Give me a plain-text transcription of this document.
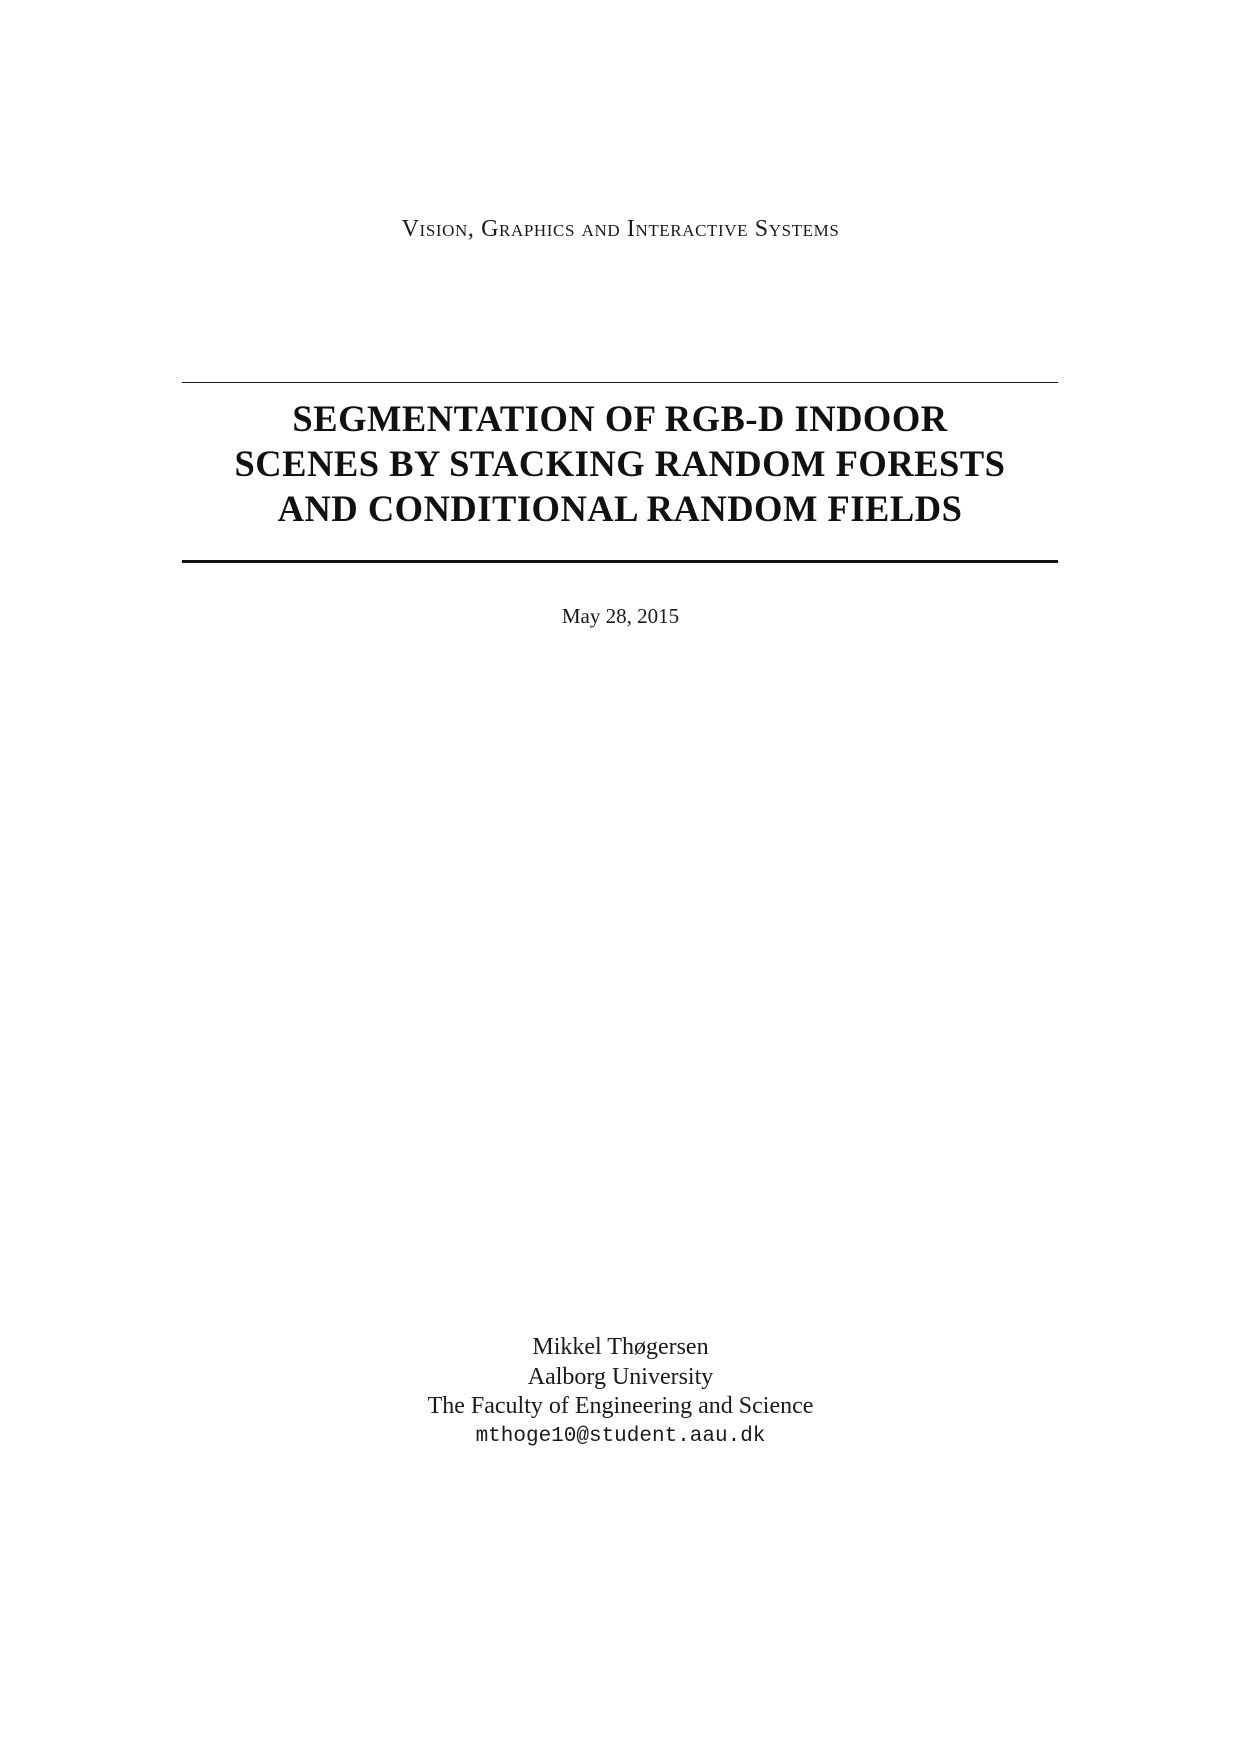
Vision, Graphics and Interactive Systems
SEGMENTATION OF RGB-D INDOOR
SCENES BY STACKING RANDOM FORESTS
AND CONDITIONAL RANDOM FIELDS
May 28, 2015
Mikkel Thøgersen
Aalborg University
The Faculty of Engineering and Science
mthoge10@student.aau.dk
